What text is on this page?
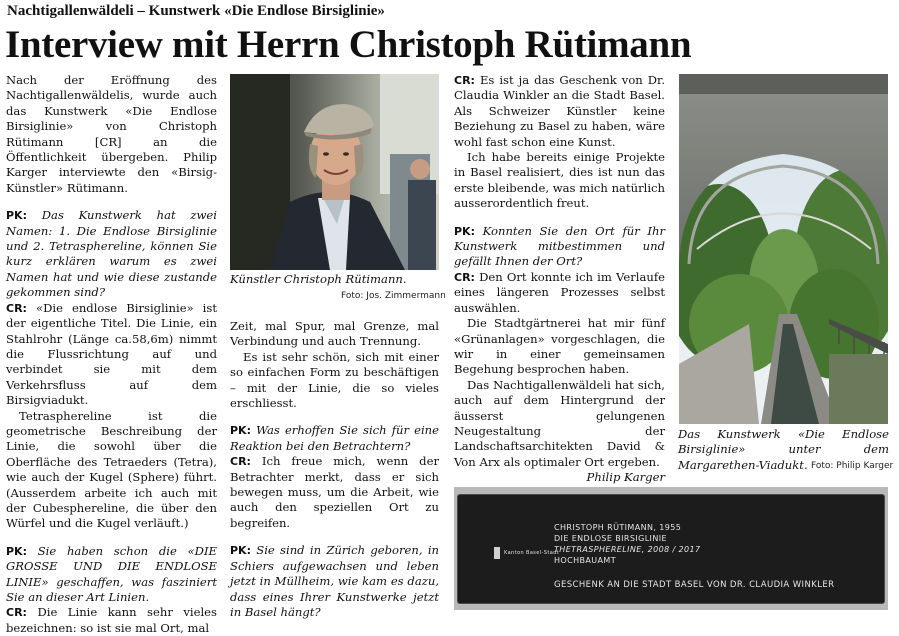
Nachtigallenwäldeli – Kunstwerk «Die Endlose Birsiglinie»
Interview mit Herrn Christoph Rütimann

Nach der Eröffnung des Nachtigallenwäldelis, wurde auch das Kunstwerk «Die Endlose Birsiglinie» von Christoph Rütimann [CR] an die Öffentlichkeit übergeben. Philip Karger interviewte den «Birsig-Künstler» Rütimann.

PK: Das Kunstwerk hat zwei Namen: 1. Die Endlose Birsiglinie und 2. Tetrasphereline, können Sie kurz erklären warum es zwei Namen hat und wie diese zustande gekommen sind?

CR: «Die endlose Birsiglinie» ist der eigentliche Titel. Die Linie, ein Stahlrohr (Länge ca.58,6m) nimmt die Flussrichtung auf und verbindet sie mit dem Verkehrsfluss auf dem Birsigviadukt.

Tetrasphereline ist die geometrische Beschreibung der Linie, die sowohl über die Oberfläche des Tetraeders (Tetra), wie auch der Kugel (Sphere) führt. (Ausserdem arbeite ich auch mit der Cubesphereline, die über den Würfel und die Kugel verläuft.)

PK: Sie haben schon die «DIE GROSSE UND DIE ENDLOSE LINIE» geschaffen, was fasziniert Sie an dieser Art Linien.

CR: Die Linie kann sehr vieles bezeichnen: so ist sie mal Ort, mal

Künstler Christoph Rütimann.
Foto: Jos. Zimmermann

Zeit, mal Spur, mal Grenze, mal Verbindung und auch Trennung.

Es ist sehr schön, sich mit einer so einfachen Form zu beschäftigen – mit der Linie, die so vieles erschliesst.

PK: Was erhoffen Sie sich für eine Reaktion bei den Betrachtern?

CR: Ich freue mich, wenn der Betrachter merkt, dass er sich bewegen muss, um die Arbeit, wie auch den speziellen Ort zu begreifen.

PK: Sie sind in Zürich geboren, in Schiers aufgewachsen und leben jetzt in Müllheim, wie kam es dazu, dass eines Ihrer Kunstwerke jetzt in Basel hängt?

CR: Es ist ja das Geschenk von Dr. Claudia Winkler an die Stadt Basel. Als Schweizer Künstler keine Beziehung zu Basel zu haben, wäre wohl fast schon eine Kunst.

Ich habe bereits einige Projekte in Basel realisiert, dies ist nun das erste bleibende, was mich natürlich ausserordentlich freut.

PK: Konnten Sie den Ort für Ihr Kunstwerk mitbestimmen und gefällt Ihnen der Ort?

CR: Den Ort konnte ich im Verlaufe eines längeren Prozesses selbst auswählen.

Die Stadtgärtnerei hat mir fünf «Grünanlagen» vorgeschlagen, die wir in einer gemeinsamen Begehung besprochen haben.

Das Nachtigallenwäldeli hat sich, auch auf dem Hintergrund der äusserst gelungenen Neugestaltung der Landschaftsarchitekten David & Von Arx als optimaler Ort ergeben.
Philip Karger

Das Kunstwerk «Die Endlose Birsiglinie» unter dem Margarethen-Viadukt. Foto: Philip Karger
Kanton Basel-Stadt
CHRISTOPH RÜTIMANN, 1955
DIE ENDLOSE BIRSIGLINIE
THETRASPHERELINE, 2008 / 2017
HOCHBAUAMT
GESCHENK AN DIE STADT BASEL VON DR. CLAUDIA WINKLER
